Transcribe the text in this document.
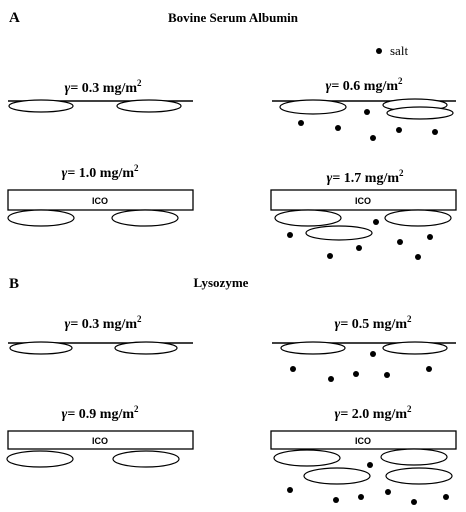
A	Bovine Serum Albumin
salt
γ= 0.3 $mg/m^2$	γ= 0.6 $mg/m^2$
γ= 1.0 $mg/m^2$
ICO
γ= 1.7 $mg/m^2$
ICO
B	Lysozyme
γ= 0.3 $mg/m^2$	γ= 0.5 $mg/m^2$
γ= 0.9 $mg/m^2$
ICO
γ= 2.0 $mg/m^2$
ICO
